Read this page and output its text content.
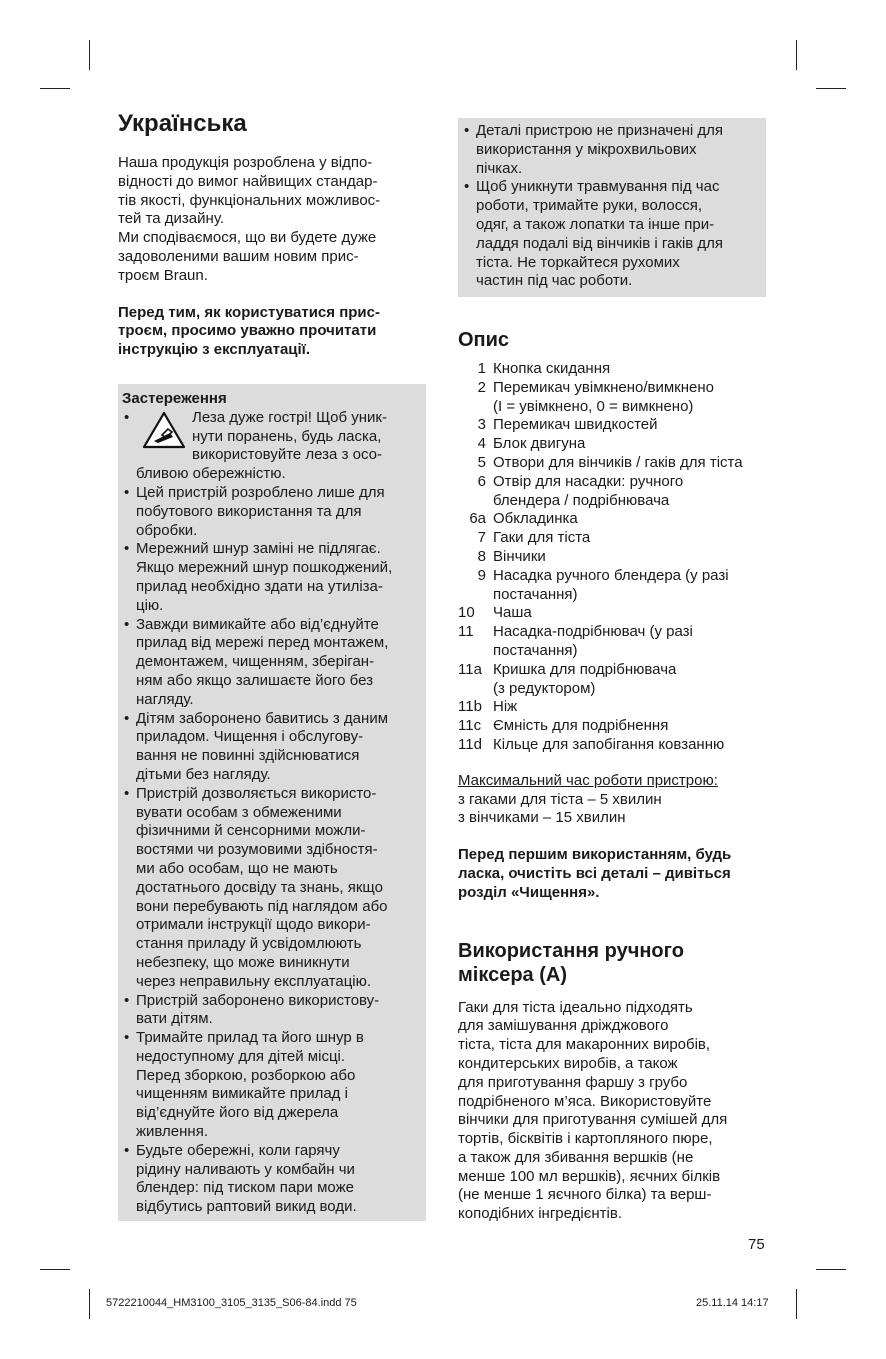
Українська
Наша продукція розроблена у відпо-
відності до вимог найвищих стандар-
тів якості, функціональних можливос-
тей та дизайну.
Ми сподіваємося, що ви будете дуже
задоволеними вашим новим прис-
троєм Braun.
Перед тим, як користуватися прис-
троєм, просимо уважно прочитати
інструкцію з експлуатації.
Застереження
•	Леза дуже гострі! Щоб уник-
нути поранень, будь ласка,
використовуйте леза з осо-
бливою обережністю.
• Цей пристрій розроблено лише для
побутового використання та для
обробки.
• Мережний шнур заміні не підлягає.
Якщо мережний шнур пошкоджений,
прилад необхідно здати на утиліза-
цію.
• Завжди вимикайте або від’єднуйте
прилад від мережі перед монтажем,
демонтажем, чищенням, зберіган-
ням або якщо залишаєте його без
нагляду.
• Дітям заборонено бавитись з даним
приладом. Чищення і обслугову-
вання не повинні здійснюватися
дітьми без нагляду.
• Пристрій дозволяється використо-
вувати особам з обмеженими
фізичними й сенсорними можли-
востями чи розумовими здібностя-
ми або особам, що не мають
достатнього досвіду та знань, якщо
вони перебувають під наглядом або
отримали інструкції щодо викори-
стання приладу й усвідомлюють
небезпеку, що може виникнути
через неправильну експлуатацію.
• Пристрій заборонено використову-
вати дітям.
• Тримайте прилад та його шнур в
недоступному для дітей місці.
Перед зборкою, розборкою або
чищенням вимикайте прилад і
від’єднуйте його від джерела
живлення.
• Будьте обережні, коли гарячу
рідину наливають у комбайн чи
блендер: під тиском пари може
відбутись раптовий викид води.
• Деталі пристрою не призначені для
використання у мікрохвильових
пічках.
• Щоб уникнути травмування під час
роботи, тримайте руки, волосся,
одяг, а також лопатки та інше при-
ладдя подалі від вінчиків і гаків для
тіста. Не торкайтеся рухомих
частин під час роботи.
Опис
1 Кнопка скидання
2 Перемикач увімкнено/вимкнено
(I = увімкнено, 0 = вимкнено)
3 Перемикач швидкостей
4 Блок двигуна
5 Отвори для вінчиків / гаків для тіста
6 Отвір для насадки: ручного
блендера / подрібнювача
6a Обкладинка
7 Гаки для тіста
8 Вінчики
9 Насадка ручного блендера (у разі
постачання)
10	Чаша
11	Насадка-подрібнювач (у разі
постачання)
11a Кришка для подрібнювача
(з редуктором)
11b Ніж
11c Ємність для подрібнення
11d Кільце для запобігання ковзанню
Максимальний час роботи пристрою:
з гаками для тіста – 5 хвилин
з вінчиками – 15 хвилин
Перед першим використанням, будь
ласка, очистіть всі деталі – дивіться
розділ «Чищення».
Використання ручного
міксера (A)
Гаки для тіста ідеально підходять
для замішування дріжджового
тіста, тіста для макаронних виробів,
кондитерських виробів, а також
для приготування фаршу з грубо
подрібненого м’яса. Використовуйте
вінчики для приготування сумішей для
тортів, бісквітів і картопляного пюре,
а також для збивання вершків (не
менше 100 мл вершків), яєчних білків
(не менше 1 яєчного білка) та верш-
коподібних інгредієнтів.
75
5722210044_HM3100_3105_3135_S06-84.indd 75	25.11.14 14:17
